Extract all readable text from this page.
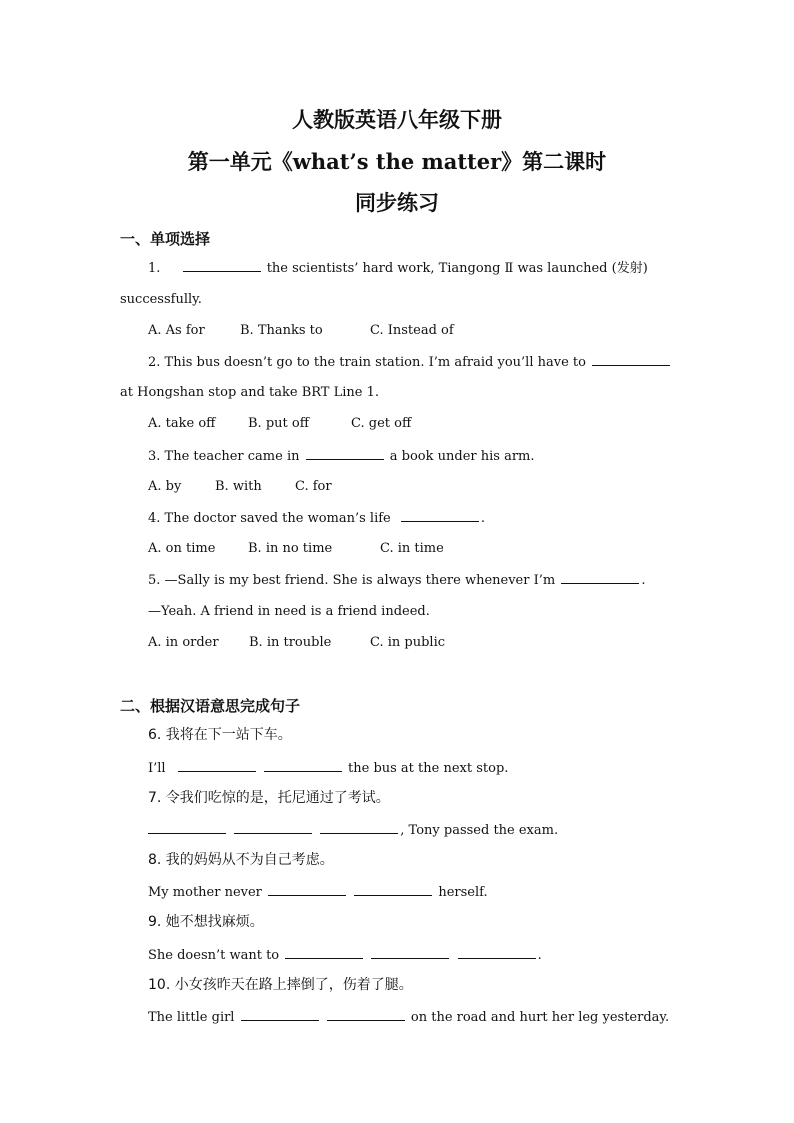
人教版英语八年级下册
第一单元《what’s the matter》第二课时
同步练习
一、单项选择
1.	the scientists’ hard work, Tiangong Ⅱ was launched (发射)
successfully.
A. As for	B. Thanks to	C. Instead of
2. This bus doesn’t go to the train station. I’m afraid you’ll have to
at Hongshan stop and take BRT Line 1.
A. take off	B. put off	C. get off
3. The teacher came in	a book under his arm.
A. by	B. with	C. for
4. The doctor saved the woman’s life	.
A. on time	B. in no time	C. in time
5. —Sally is my best friend. She is always there whenever I’m	.
—Yeah. A friend in need is a friend indeed.
A. in order B. in trouble	C. in public
二、根据汉语意思完成句子
6. 我将在下一站下车。
I’ll	the bus at the next stop.
7. 令我们吃惊的是，托尼通过了考试。
, Tony passed the exam.
8. 我的妈妈从不为自己考虑。
My mother never	herself.
9. 她不想找麻烦。
She doesn’t want to	.
10. 小女孩昨天在路上摔倒了，伤着了腿。
The little girl	on the road and hurt her leg yesterday.
